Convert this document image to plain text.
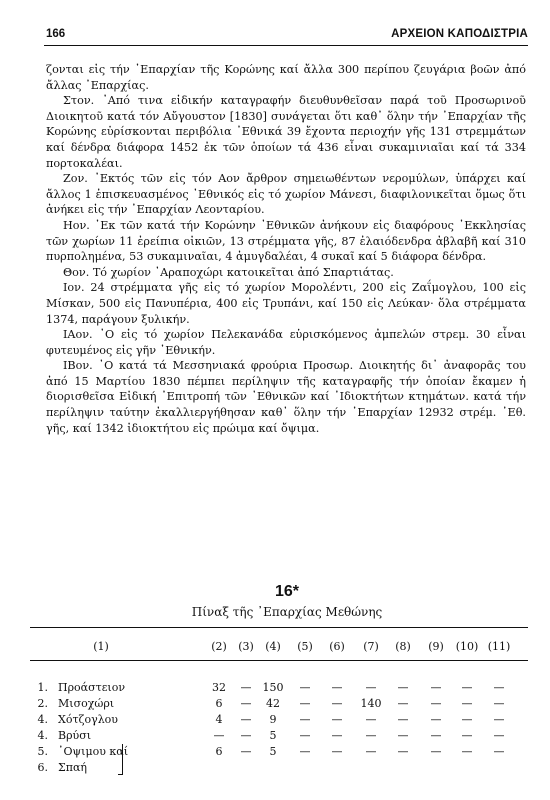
166	ΑΡΧΕΙΟΝ ΚΑΠΟΔΙΣΤΡΙΑ

ζονται εἰς τήν ᾿Επαρχίαν τῆς Κορώνης καί ἄλλα 300 περίπου ζευγάρια βοῶν ἀπό ἄλλας ᾿Επαρχίας.

Στον. ᾿Από τινα εἰδικήν καταγραφήν διευθυνθεῖσαν παρά τοῦ Προσωρινοῦ Διοικητοῦ κατά τόν Αὔγουστον [1830] συνάγεται ὅτι καθ᾿ ὅλην τήν ᾿Επαρχίαν τῆς Κορώνης εὑρίσκονται περιβόλια ᾿Εθνικά 39 ἔχοντα περιοχήν γῆς 131 στρεμμάτων καί δένδρα διάφορα 1452 ἐκ τῶν ὁποίων τά 436 εἶναι συκαμινιαῖαι καί τά 334 πορτοκαλέαι.

Ζον. ᾿Εκτός τῶν εἰς τόν Αον ἄρθρον σημειωθέντων νερομύλων, ὑπάρχει καί ἄλλος 1 ἐπισκευασμένος ᾿Εθνικός εἰς τό χωρίον Μάνεσι, διαφιλονικεῖται ὅμως ὅτι ἀνήκει εἰς τήν ᾿Επαρχίαν Λεονταρίου.

Ηον. ᾿Εκ τῶν κατά τήν Κορώνην ᾿Εθνικῶν ἀνήκουν εἰς διαφόρους ᾿Εκκλησίας τῶν χωρίων 11 ἐρείπια οἰκιῶν, 13 στρέμματα γῆς, 87 ἐλαιόδενδρα ἀβλαβῆ καί 310 πυρπολημένα, 53 συκαμιναῖαι, 4 ἀμυγδαλέαι, 4 συκαῖ καί 5 διάφορα δένδρα.

Θον. Τό χωρίον ᾿Αραποχώρι κατοικεῖται ἀπό Σπαρτιάτας.

Ιον. 24 στρέμματα γῆς εἰς τό χωρίον Μορολέντι, 200 εἰς Ζαΐμογλου, 100 εἰς Μίσκαν, 500 εἰς Πανυπέρια, 400 εἰς Τρυπάνι, καί 150 εἰς Λεύκαν· ὅλα στρέμματα 1374, παράγουν ξυλικήν.

ΙΑον. ᾿Ο εἰς τό χωρίον Πελεκανάδα εὑρισκόμενος ἀμπελών στρεμ. 30 εἶναι φυτευμένος εἰς γῆν ᾿Εθνικήν.

ΙΒον. ᾿Ο κατά τά Μεσσηνιακά φρούρια Προσωρ. Διοικητής δι᾿ ἀναφορᾶς του ἀπό 15 Μαρτίου 1830 πέμπει περίληψιν τῆς καταγραφῆς τήν ὁποίαν ἔκαμεν ἡ διορισθεῖσα Εἰδική ᾿Επιτροπή τῶν ᾿Εθνικῶν καί ᾿Ιδιοκτήτων κτημάτων. κατά τήν περίληψιν ταύτην ἐκαλλιεργήθησαν καθ᾿ ὅλην τήν ᾿Επαρχίαν 12932 στρέμ. ᾿Εθ. γῆς, καί 1342 ἰδιοκτήτου εἰς πρώιμα καί ὄψιμα.

16*
Πίναξ τῆς ᾿Επαρχίας Μεθώνης
(1)	(2)	(3)	(4)	(5)	(6)	(7)	(8)	(9)	(10) (11)
1. Προάστειον	32	—	150	—	—	—	—	—	—	—
2. Μισοχώρι	6	—	42	—	—	140	—	—	—	—
4. Χότζογλου	4	—	9	—	—	—	—	—	—	—
4. Βρύσι	—	—	5	—	—	—	—	—	—	—
5. ᾿Οψιμου καί	6	—	5	—	—	—	—	—	—	—
6. Σπαή
